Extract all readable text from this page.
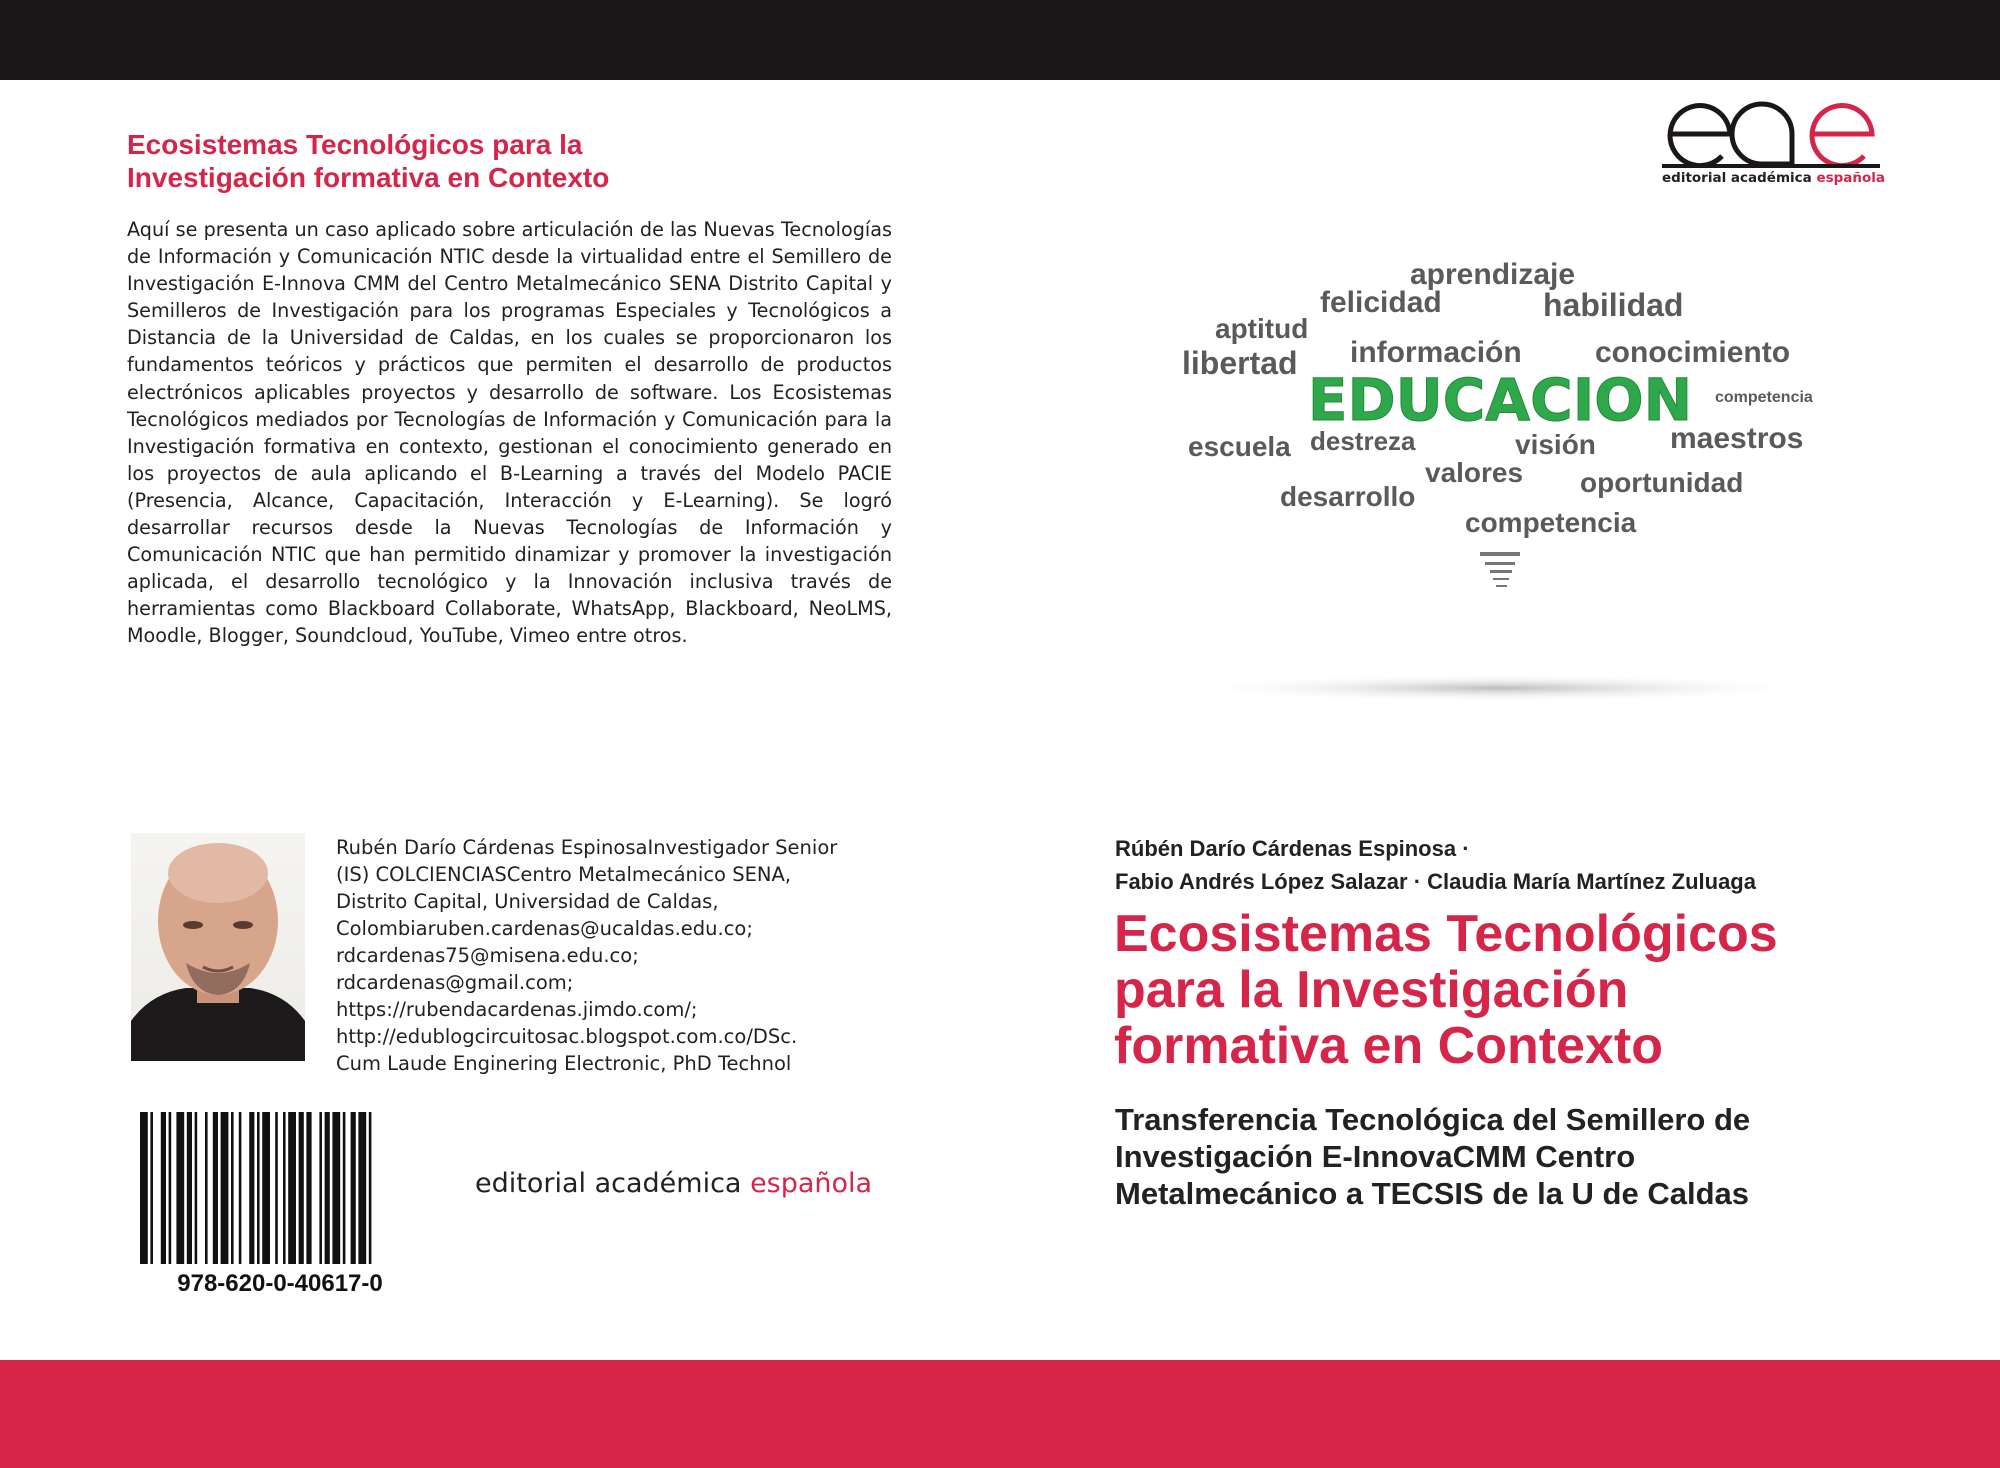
Ecosistemas Tecnológicos para la
Investigación formativa en Contexto

Aquí se presenta un caso aplicado sobre articulación de las Nuevas Tecnologías de Información y Comunicación NTIC desde la virtualidad entre el Semillero de Investigación E-Innova CMM del Centro Metalmecánico SENA Distrito Capital y Semilleros de Investigación para los programas Especiales y Tecnológicos a Distancia de la Universidad de Caldas, en los cuales se proporcionaron los fundamentos teóricos y prácticos que permiten el desarrollo de productos electrónicos aplicables proyectos y desarrollo de software. Los Ecosistemas Tecnológicos mediados por Tecnologías de Información y Comunicación para la Investigación formativa en contexto, gestionan el conocimiento generado en los proyectos de aula aplicando el B-Learning a través del Modelo PACIE (Presencia, Alcance, Capacitación, Interacción y E-Learning). Se logró desarrollar recursos desde la Nuevas Tecnologías de Información y Comunicación NTIC que han permitido dinamizar y promover la investigación aplicada, el desarrollo tecnológico y la Innovación inclusiva través de herramientas como Blackboard Collaborate, WhatsApp, Blackboard, NeoLMS, Moodle, Blogger, Soundcloud, YouTube, Vimeo entre otros.

Rubén Darío Cárdenas EspinosaInvestigador Senior
(IS) COLCIENCIASCentro Metalmecánico SENA,
Distrito Capital, Universidad de Caldas,
Colombiaruben.cardenas@ucaldas.edu.co;
rdcardenas75@misena.edu.co;
rdcardenas@gmail.com;
https://rubendacardenas.jimdo.com/;
http://edublogcircuitosac.blogspot.com.co/DSc.
Cum Laude Enginering Electronic, PhD Technol
978-620-0-40617-0
editorial académica española
editorial académica española
aprendizaje
felicidad	habilidad
aptitud
información conocimiento
libertad
competencia
escuela destreza	visión maestros
valores oportunidad
desarrollo
competencia
EDUCACION
Rúbén Darío Cárdenas Espinosa ·
Fabio Andrés López Salazar · Claudia María Martínez Zuluaga
Ecosistemas Tecnológicos
para la Investigación
formativa en Contexto
Transferencia Tecnológica del Semillero de
Investigación E-InnovaCMM Centro
Metalmecánico a TECSIS de la U de Caldas
